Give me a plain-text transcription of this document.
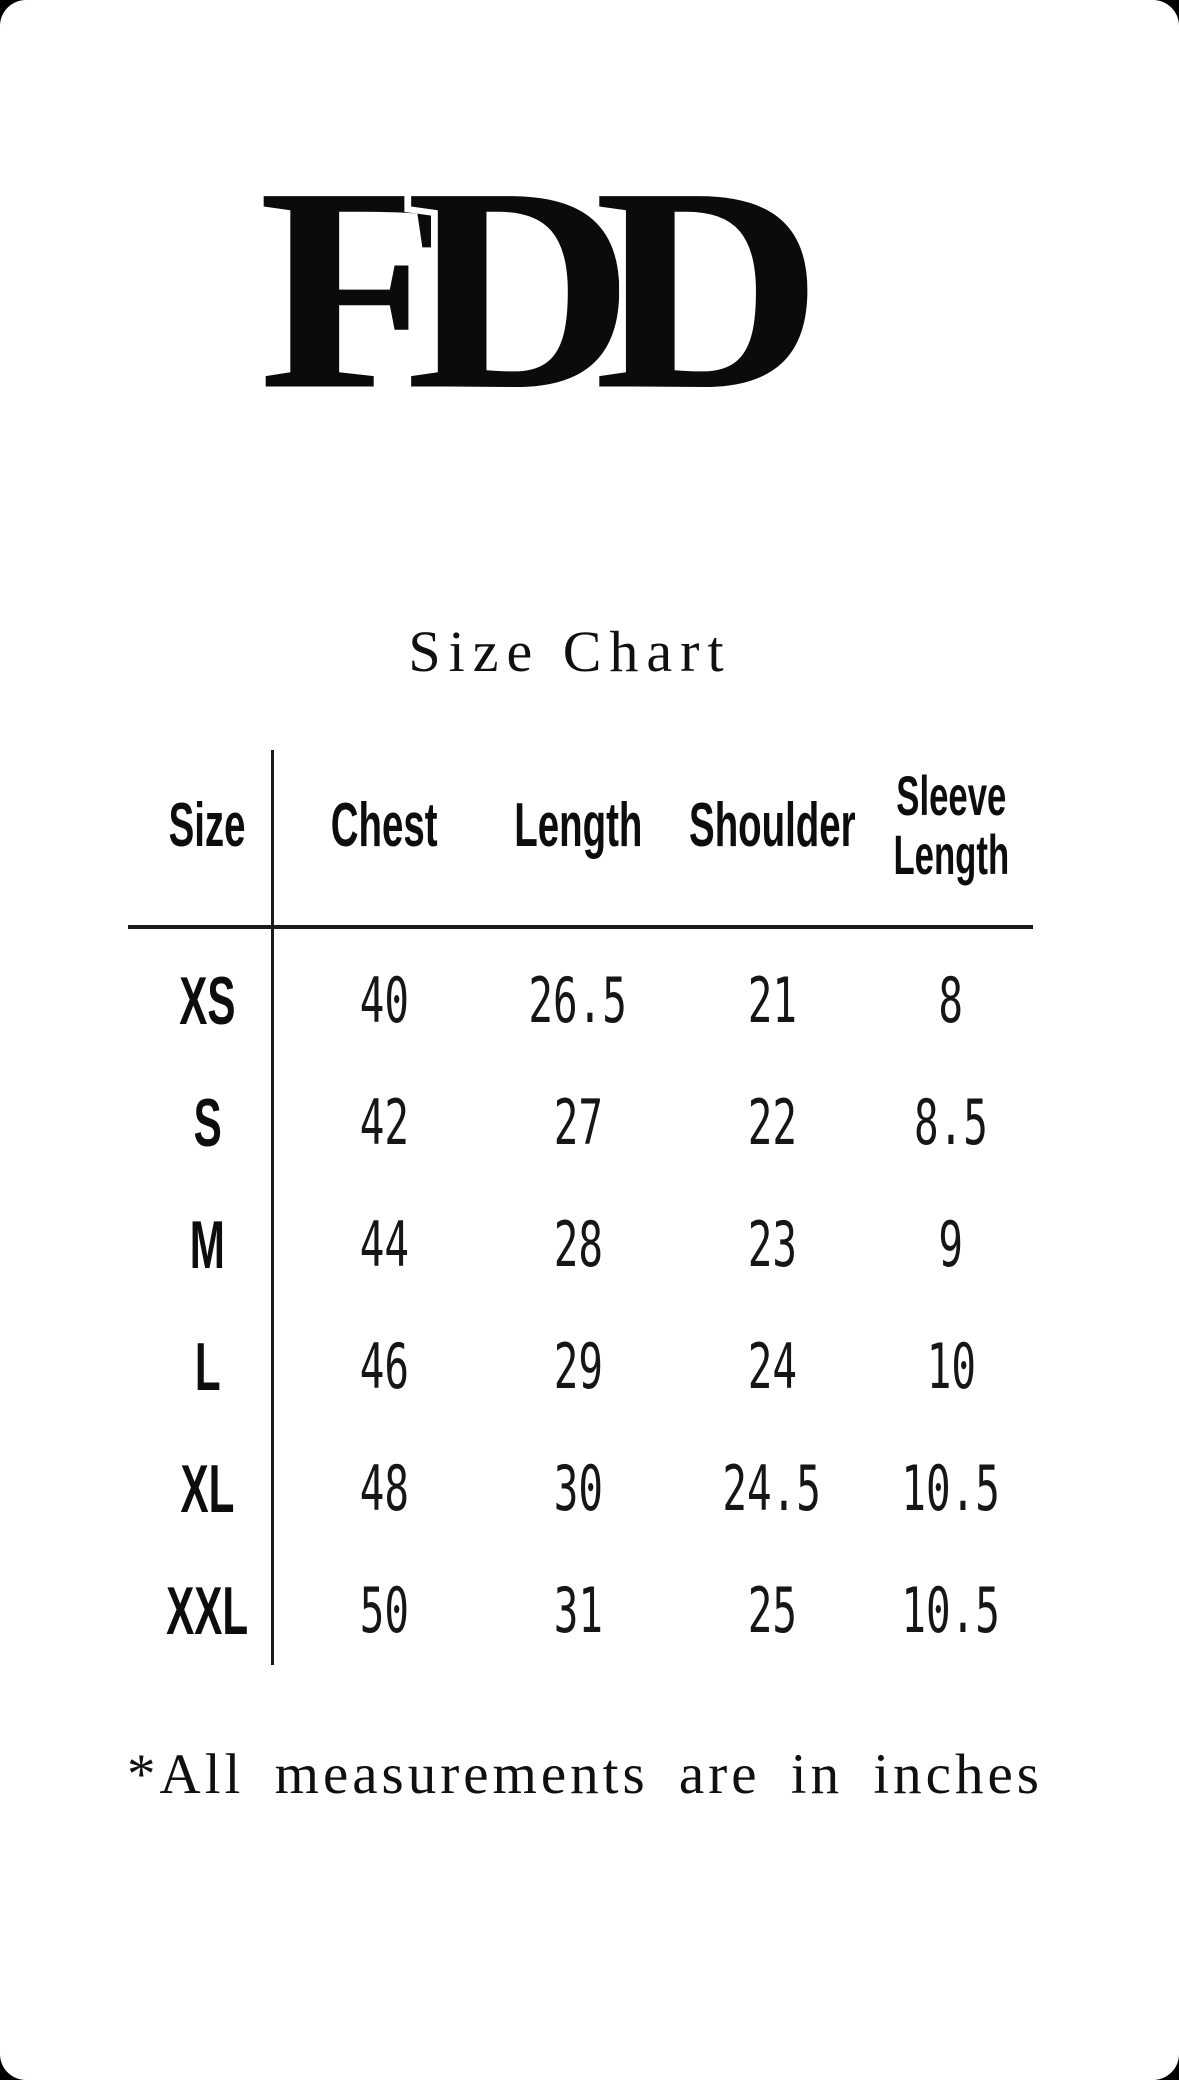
F
D
D
Size Chart
Size Chest Length Shoulder Sleeve Length
XS 40 26.5 21 8
S 42 27 22 8.5
M 44 28 23 9
L 46 29 24 10
XL 48 30 24.5 10.5
XXL 50 31 25 10.5
*All measurements are in inches
